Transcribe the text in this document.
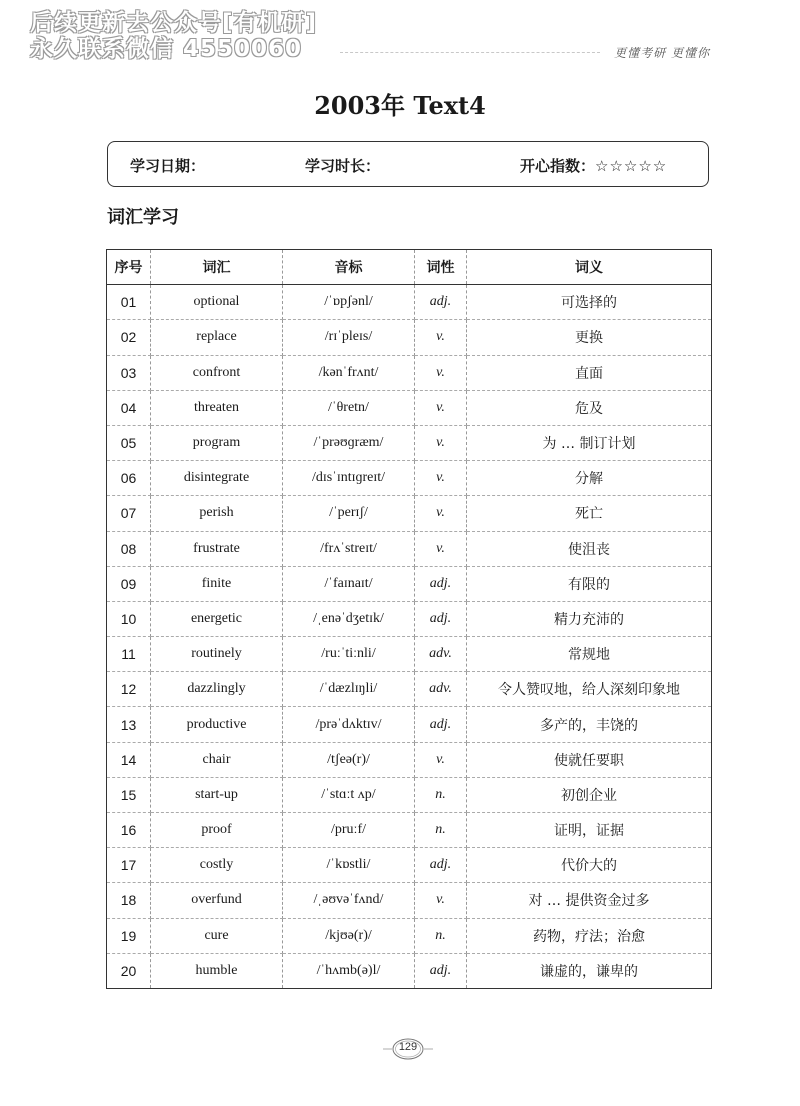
后续更新去公众号[有机研]
永久联系微信 4550060	更懂考研 更懂你
2003年 Text4
学习日期：	学习时长：	开心指数：☆☆☆☆☆
词汇学习
序号	词汇	音标	词性	词义
01	optional	/ˈɒpʃənl/	adj.	可选择的
02	replace	/rɪˈpleɪs/	v.	更换
03	confront	/kənˈfrʌnt/	v.	直面
04	threaten	/ˈθretn/	v.	危及
05	program	/ˈprəʊɡræm/	v.	为 … 制订计划
06	disintegrate	/dɪsˈɪntɪɡreɪt/	v.	分解
07	perish	/ˈperɪʃ/	v.	死亡
08	frustrate	/frʌˈstreɪt/	v.	使沮丧
09	finite	/ˈfaɪnaɪt/	adj.	有限的
10	energetic	/ˌenəˈdʒetɪk/	adj.	精力充沛的
11	routinely	/ruːˈtiːnli/	adv.	常规地
12	dazzlingly	/ˈdæzlɪŋli/	adv.	令人赞叹地，给人深刻印象地
13	productive	/prəˈdʌktɪv/	adj.	多产的，丰饶的
14	chair	/tʃeə(r)/	v.	使就任要职
15	start-up	/ˈstɑːt ʌp/	n.	初创企业
16	proof	/pruːf/	n.	证明，证据
17	costly	/ˈkɒstli/	adj.	代价大的
18	overfund	/ˌəʊvəˈfʌnd/	v.	对 … 提供资金过多
19	cure	/kjʊə(r)/	n.	药物，疗法；治愈
20	humble	/ˈhʌmb(ə)l/	adj.	谦虚的，谦卑的
129
